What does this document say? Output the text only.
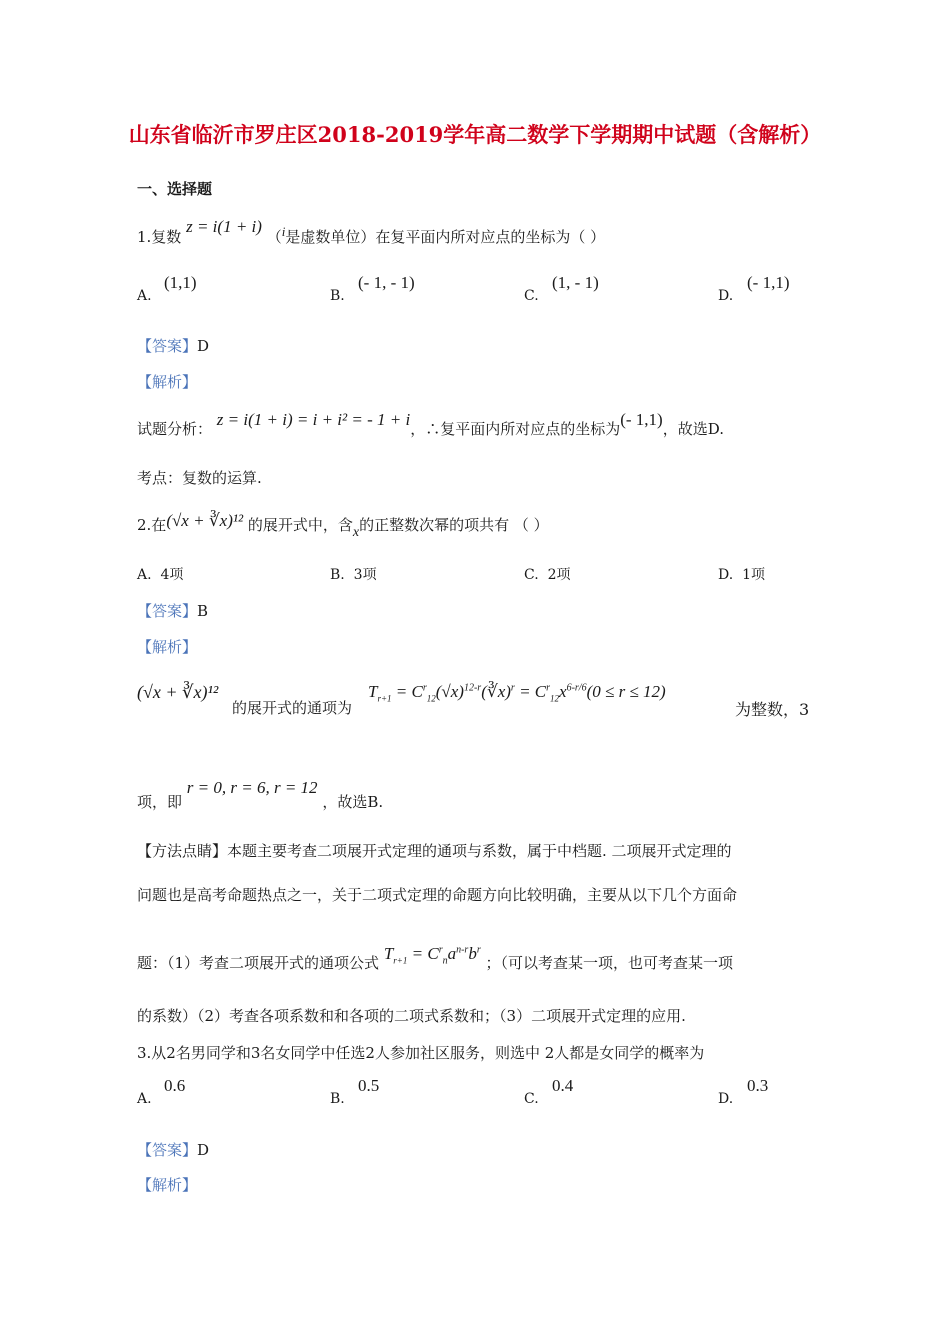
山东省临沂市罗庄区2018-2019学年高二数学下学期期中试题（含解析）
一、选择题
1.复数 z = i(1 + i) （i是虚数单位）在复平面内所对应点的坐标为（ ）
A.
(1,1)
B.
(- 1, - 1)
C.
(1, - 1)
D.
(- 1,1)
【答案】D
【解析】
试题分析： z = i(1 + i) = i + i² = - 1 + i，∴复平面内所对应点的坐标为(- 1,1)，故选D.
考点：复数的运算.
2.在(√x + ∛x)¹² 的展开式中，含x的正整数次幂的项共有 （ ）
A. 4项	B. 3项	C. 2项	D. 1项
【答案】B
【解析】
(√x + ∛x)¹²
的展开式的通项为
$T_{r+1}$ = $C^r_{12}(√x)^{12-r}(∛x)^r = C^r_{12}x^{6-r/6}(0 \le r \le 12)$
为整数，3
项，即 r = 0, r = 6, r = 12 ，故选B.
【方法点睛】本题主要考查二项展开式定理的通项与系数，属于中档题. 二项展开式定理的
问题也是高考命题热点之一，关于二项式定理的命题方向比较明确，主要从以下几个方面命
题：（1）考查二项展开式的通项公式 $T_{r+1} = C^r_na^{n-r}b^r$ ；（可以考查某一项，也可考查某一项
的系数）（2）考查各项系数和和各项的二项式系数和；（3）二项展开式定理的应用.
3.从2名男同学和3名女同学中任选2人参加社区服务，则选中 2人都是女同学的概率为
A.
0.6
B.
0.5
C.
0.4
D.
0.3
【答案】D
【解析】
